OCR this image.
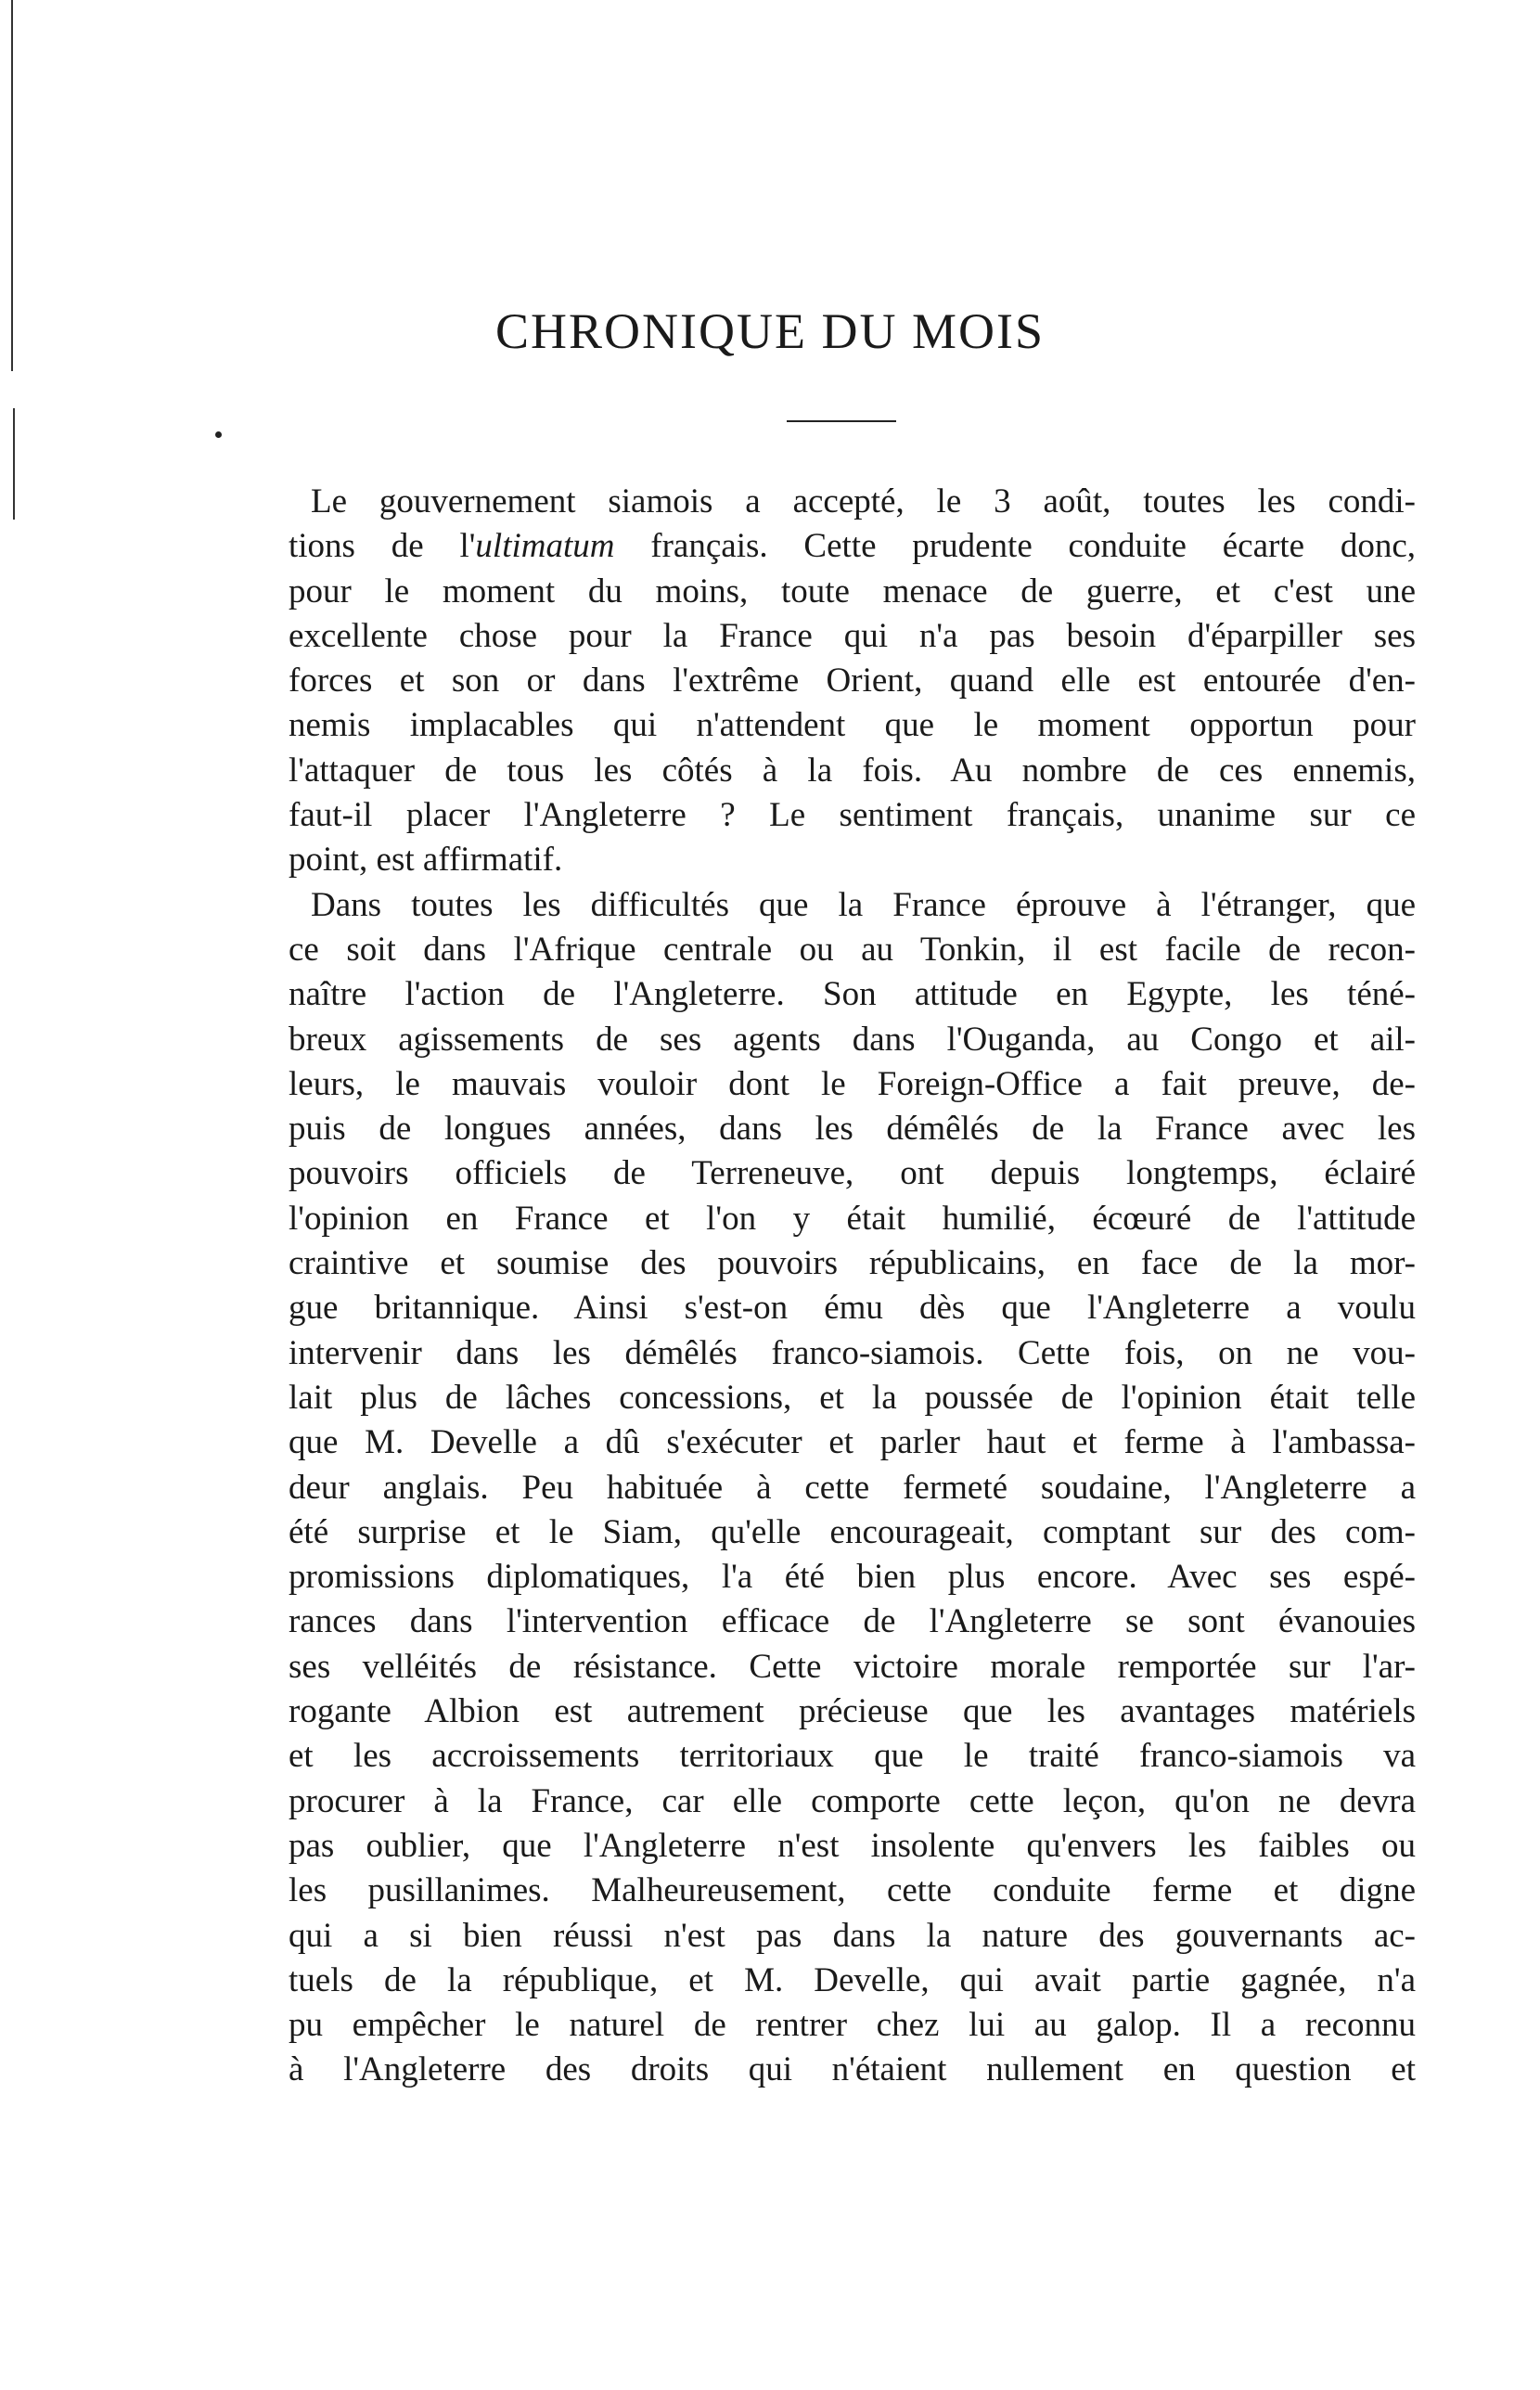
CHRONIQUE DU MOIS
Le gouvernement siamois a accepté, le 3 août, toutes les condi-
tions de l'ultimatum français. Cette prudente conduite écarte donc,
pour le moment du moins, toute menace de guerre, et c'est une
excellente chose pour la France qui n'a pas besoin d'éparpiller ses
forces et son or dans l'extrême Orient, quand elle est entourée d'en-
nemis implacables qui n'attendent que le moment opportun pour
l'attaquer de tous les côtés à la fois. Au nombre de ces ennemis,
faut-il placer l'Angleterre ? Le sentiment français, unanime sur ce
point, est affirmatif.
Dans toutes les difficultés que la France éprouve à l'étranger, que
ce soit dans l'Afrique centrale ou au Tonkin, il est facile de recon-
naître l'action de l'Angleterre. Son attitude en Egypte, les téné-
breux agissements de ses agents dans l'Ouganda, au Congo et ail-
leurs, le mauvais vouloir dont le Foreign-Office a fait preuve, de-
puis de longues années, dans les démêlés de la France avec les
pouvoirs officiels de Terreneuve, ont depuis longtemps, éclairé
l'opinion en France et l'on y était humilié, écœuré de l'attitude
craintive et soumise des pouvoirs républicains, en face de la mor-
gue britannique. Ainsi s'est-on ému dès que l'Angleterre a voulu
intervenir dans les démêlés franco-siamois. Cette fois, on ne vou-
lait plus de lâches concessions, et la poussée de l'opinion était telle
que M. Develle a dû s'exécuter et parler haut et ferme à l'ambassa-
deur anglais. Peu habituée à cette fermeté soudaine, l'Angleterre a
été surprise et le Siam, qu'elle encourageait, comptant sur des com-
promissions diplomatiques, l'a été bien plus encore. Avec ses espé-
rances dans l'intervention efficace de l'Angleterre se sont évanouies
ses velléités de résistance. Cette victoire morale remportée sur l'ar-
rogante Albion est autrement précieuse que les avantages matériels
et les accroissements territoriaux que le traité franco-siamois va
procurer à la France, car elle comporte cette leçon, qu'on ne devra
pas oublier, que l'Angleterre n'est insolente qu'envers les faibles ou
les pusillanimes. Malheureusement, cette conduite ferme et digne
qui a si bien réussi n'est pas dans la nature des gouvernants ac-
tuels de la république, et M. Develle, qui avait partie gagnée, n'a
pu empêcher le naturel de rentrer chez lui au galop. Il a reconnu
à l'Angleterre des droits qui n'étaient nullement en question et
